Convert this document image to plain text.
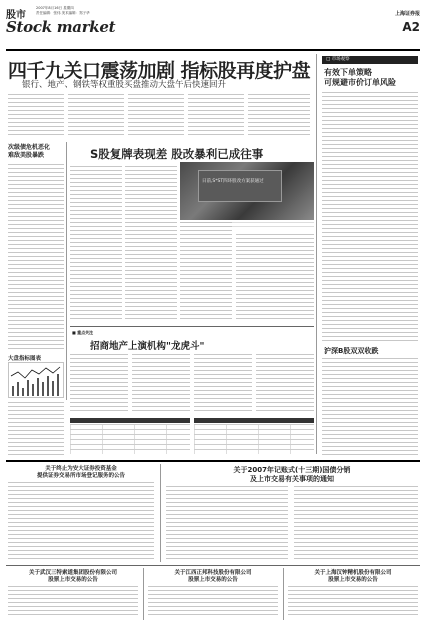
股市
2007年8月16日 星期四
责任编辑：张伟 美术编辑：郑子华
Stock market
上海证券报
A2
四千九关口震荡加剧 指标股再度护盘
银行、地产、钢铁等权重股买盘推动大盘午后快速回升
□ 市场观察
有效下单策略
可规避市价订单风险
次级债危机恶化
难敌美股暴跌
大盘指标图表
S股复牌表现差 股改暴利已成往事
日前,S*ST四环股改方案获通过
■ 重点关注
招商地产上演机构"龙虎斗"	沪深B股双双收跌
关于终止为安大证券投资基金
提供证券交易所市场登记服务的公告
关于2007年记账式(十三期)国债分销
及上市交易有关事项的通知
关于武汉三特索道集团股份有限公司
股票上市交易的公告
关于江西正邦科技股份有限公司
股票上市交易的公告
关于上海汉钟精机股份有限公司
股票上市交易的公告
